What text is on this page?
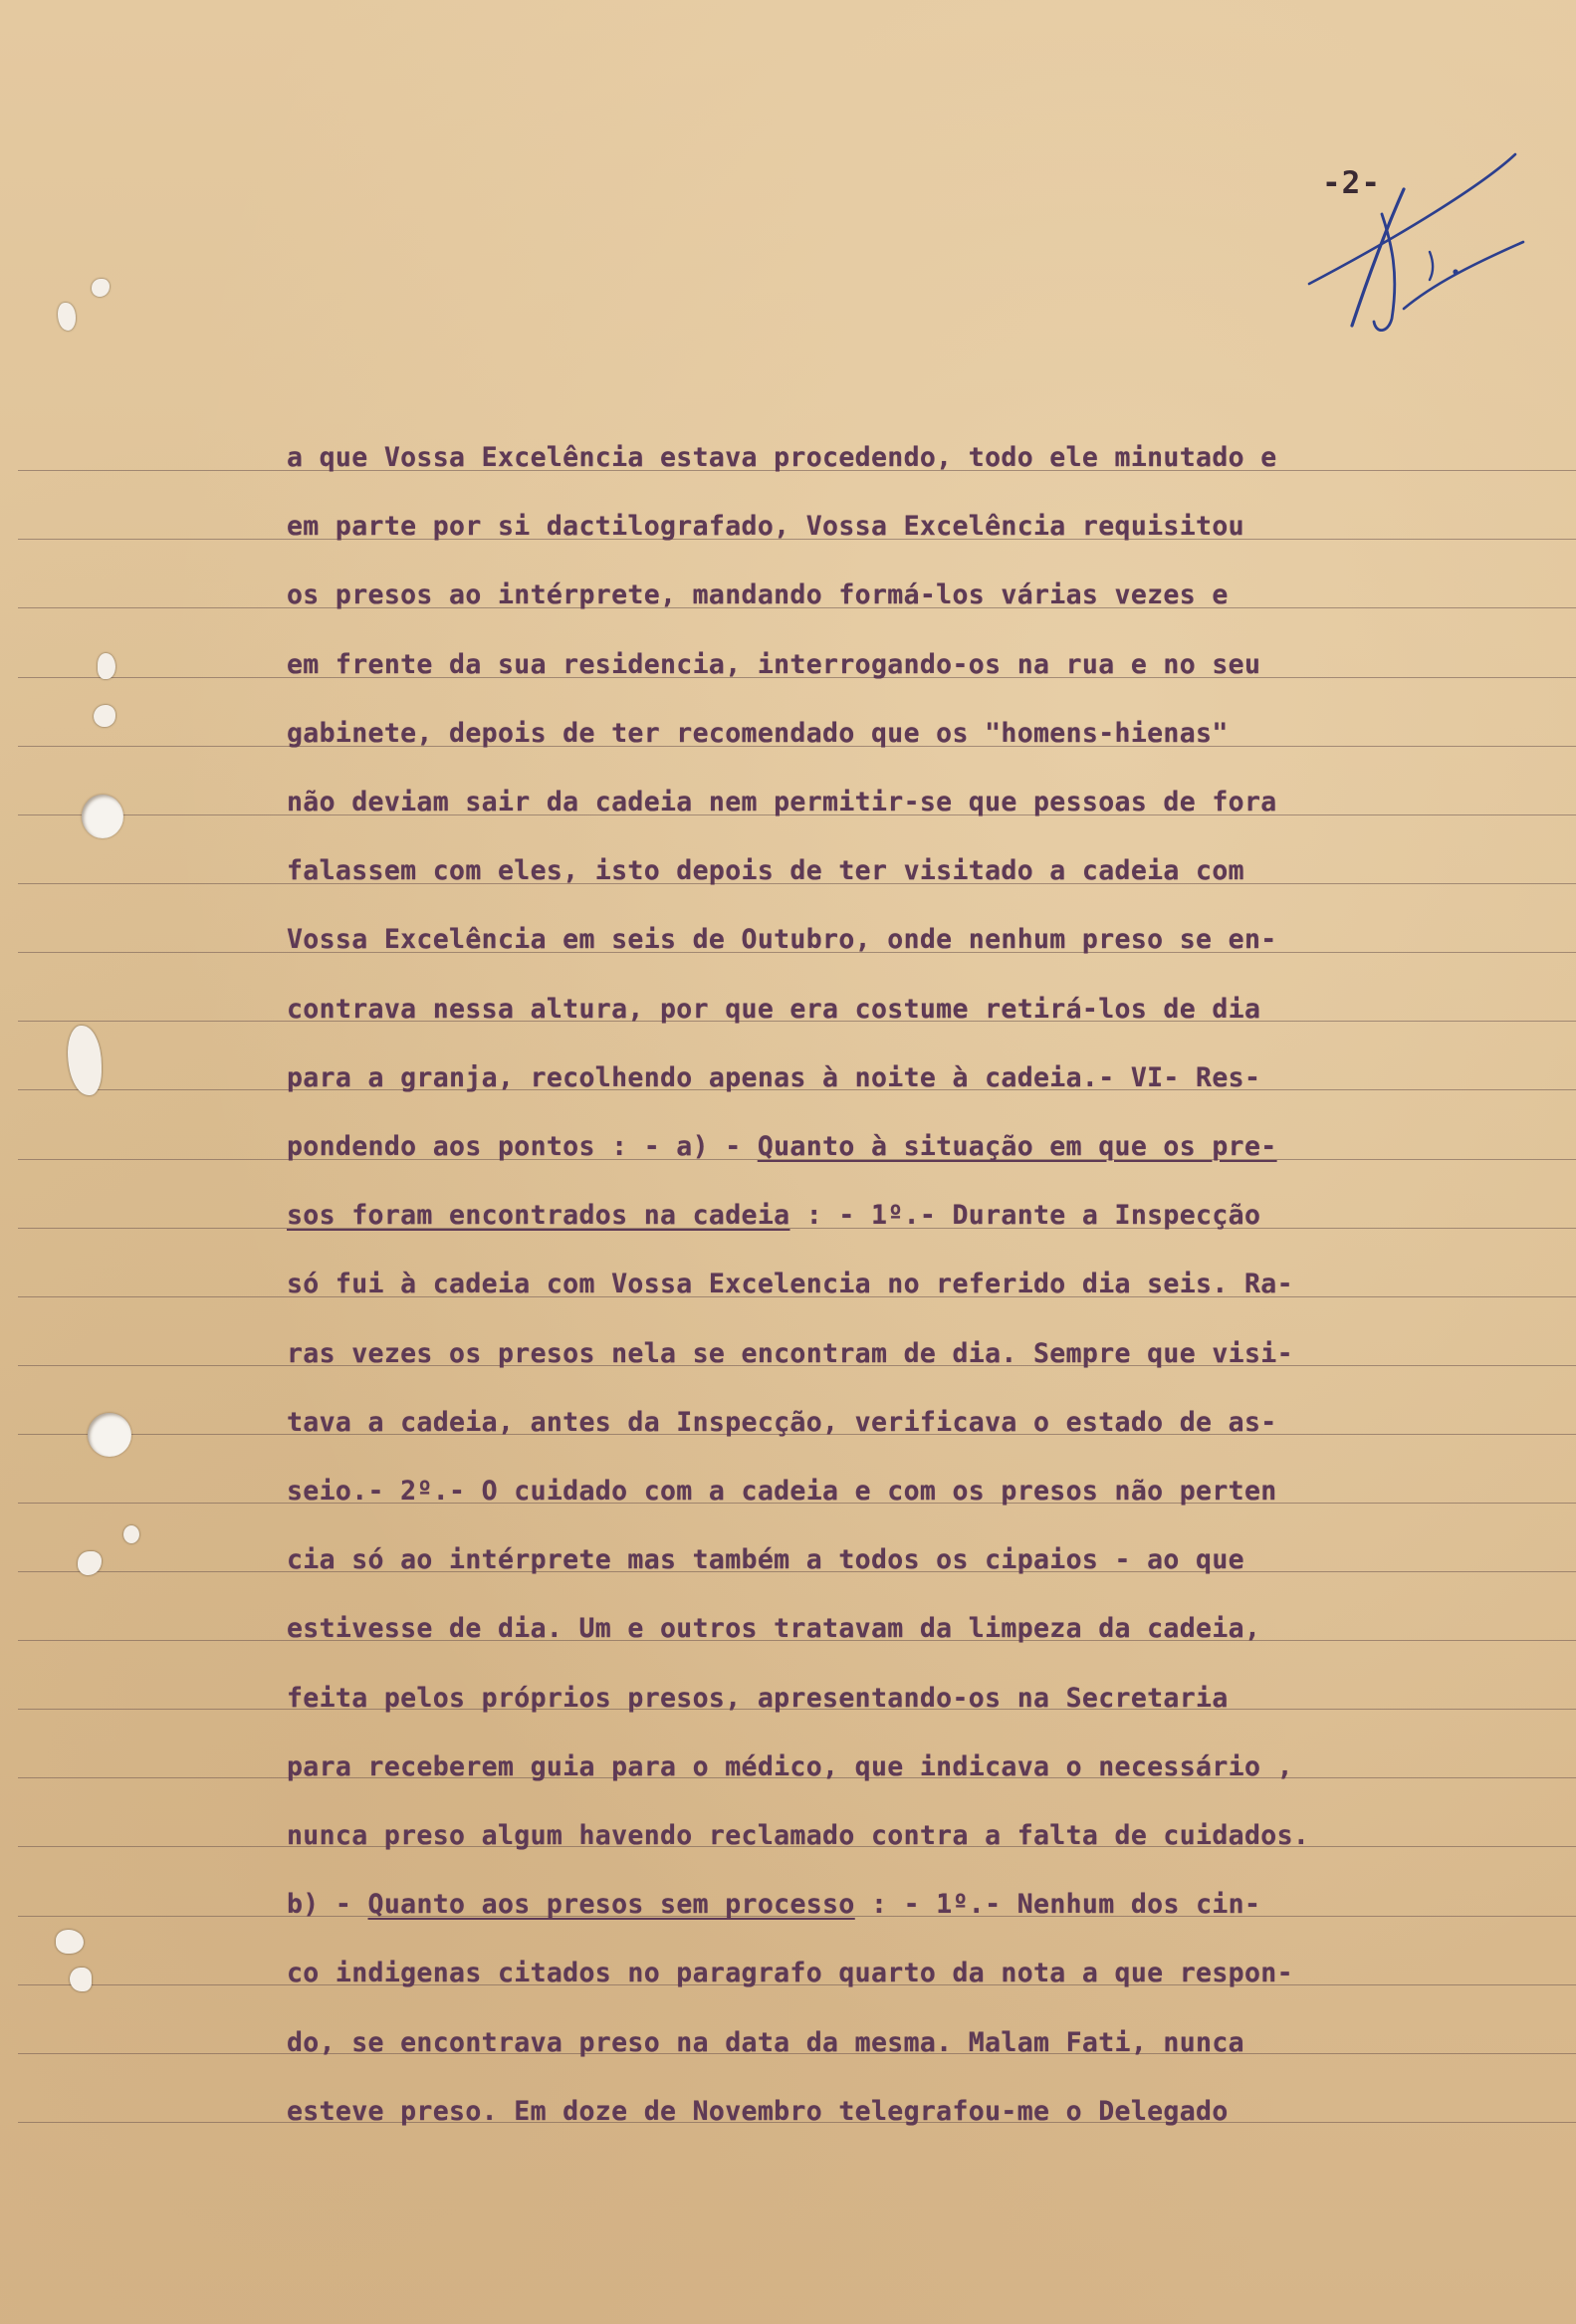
-2-
a que Vossa Excelência estava procedendo, todo ele minutado e
em parte por si dactilografado, Vossa Excelência requisitou
os presos ao intérprete, mandando formá-los várias vezes e
em frente da sua residencia, interrogando-os na rua e no seu
gabinete, depois de ter recomendado que os "homens-hienas"
não deviam sair da cadeia nem permitir-se que pessoas de fora
falassem com eles, isto depois de ter visitado a cadeia com
Vossa Excelência em seis de Outubro, onde nenhum preso se en-
contrava nessa altura, por que era costume retirá-los de dia
para a granja, recolhendo apenas à noite à cadeia.- VI- Res-
pondendo aos pontos : - a) - Quanto à situação em que os pre-
sos foram encontrados na cadeia : - 1º.- Durante a Inspecção
só fui à cadeia com Vossa Excelencia no referido dia seis. Ra-
ras vezes os presos nela se encontram de dia. Sempre que visi-
tava a cadeia, antes da Inspecção, verificava o estado de as-
seio.- 2º.- O cuidado com a cadeia e com os presos não perten
cia só ao intérprete mas também a todos os cipaios - ao que
estivesse de dia. Um e outros tratavam da limpeza da cadeia,
feita pelos próprios presos, apresentando-os na Secretaria
para receberem guia para o médico, que indicava o necessário ,
nunca preso algum havendo reclamado contra a falta de cuidados.
b) - Quanto aos presos sem processo : - 1º.- Nenhum dos cin-
co indigenas citados no paragrafo quarto da nota a que respon-
do, se encontrava preso na data da mesma. Malam Fati, nunca
esteve preso. Em doze de Novembro telegrafou-me o Delegado
